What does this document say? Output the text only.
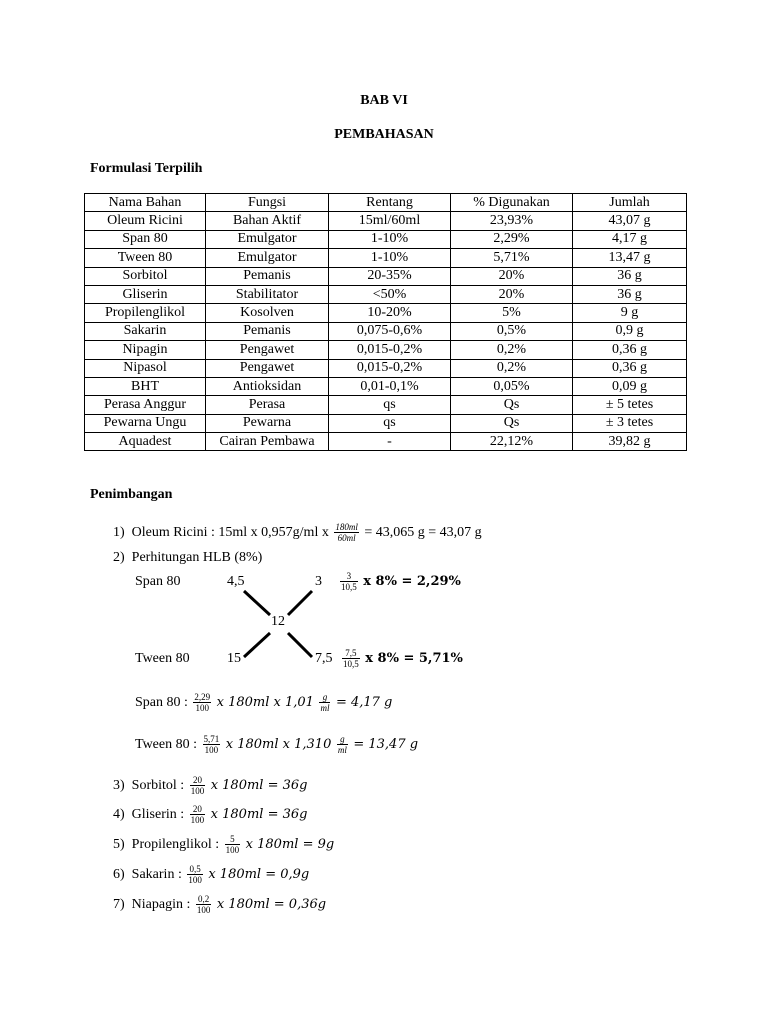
BAB VI
PEMBAHASAN
Formulasi Terpilih
Nama Bahan	Fungsi	Rentang	% Digunakan	Jumlah
Oleum Ricini	Bahan Aktif	15ml/60ml	23,93%	43,07 g
Span 80	Emulgator	1-10%	2,29%	4,17 g
Tween 80	Emulgator	1-10%	5,71%	13,47 g
Sorbitol	Pemanis	20-35%	20%	36 g
Gliserin	Stabilitator	<50%	20%	36 g
Propilenglikol	Kosolven	10-20%	5%	9 g
Sakarin	Pemanis	0,075-0,6%	0,5%	0,9 g
Nipagin	Pengawet	0,015-0,2%	0,2%	0,36 g
Nipasol	Pengawet	0,015-0,2%	0,2%	0,36 g
BHT	Antioksidan	0,01-0,1%	0,05%	0,09 g
Perasa Anggur	Perasa	qs	Qs	± 5 tetes
Pewarna Ungu	Pewarna	qs	Qs	± 3 tetes
Aquadest	Cairan Pembawa	-	22,12%	39,82 g
Penimbangan
1) Oleum Ricini : 15ml x 0,957g/ml x $\frac{180ml}{60ml} = 43,065$ g = 43,07 g
2) Perhitungan HLB (8%)
Span 80	4,5	$3 \frac{3}{10,5}$ x 8% = 2,29%
12
Tween 80	15	$7,5 \frac{7,5}{10,5}$ x 8% = 5,71%
Span 80 : $\frac{2,29}{100}$ x 180ml x $1,01 \frac{g}{ml} = 4,17$ g
Tween 80 : $\frac{5,71}{100}$ x 180ml x $1,310 \frac{g}{ml} = 13,47$ g
3) Sorbitol : $\frac{20}{100}$ x 180ml = 36g
4) Gliserin : $\frac{20}{100}$ x 180ml = 36g
5) Propilenglikol : $\frac{5}{100}$ x 180ml = 9g
6) Sakarin : $\frac{0,5}{100}$ x 180ml = 0,9g
7) Niapagin : $\frac{0,2}{100}$ x 180ml = 0,36g
